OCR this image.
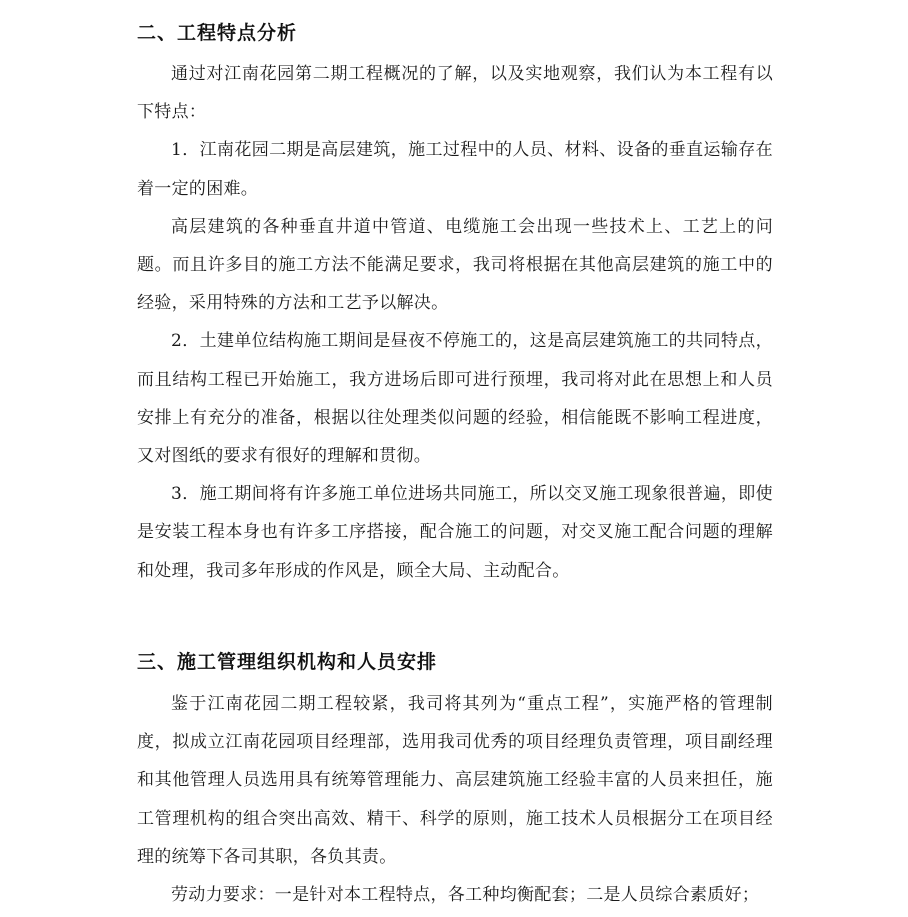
二、工程特点分析

通过对江南花园第二期工程概况的了解，以及实地观察，我们认为本工程有以下特点：

1．江南花园二期是高层建筑，施工过程中的人员、材料、设备的垂直运输存在着一定的困难。

高层建筑的各种垂直井道中管道、电缆施工会出现一些技术上、工艺上的问题。而且许多目的施工方法不能满足要求，我司将根据在其他高层建筑的施工中的经验，采用特殊的方法和工艺予以解决。

2．土建单位结构施工期间是昼夜不停施工的，这是高层建筑施工的共同特点，而且结构工程已开始施工，我方进场后即可进行预埋，我司将对此在思想上和人员安排上有充分的准备，根据以往处理类似问题的经验，相信能既不影响工程进度，又对图纸的要求有很好的理解和贯彻。

3．施工期间将有许多施工单位进场共同施工，所以交叉施工现象很普遍，即使是安装工程本身也有许多工序搭接，配合施工的问题，对交叉施工配合问题的理解和处理，我司多年形成的作风是，顾全大局、主动配合。

三、施工管理组织机构和人员安排

鉴于江南花园二期工程较紧，我司将其列为“重点工程”，实施严格的管理制度，拟成立江南花园项目经理部，选用我司优秀的项目经理负责管理，项目副经理和其他管理人员选用具有统筹管理能力、高层建筑施工经验丰富的人员来担任，施工管理机构的组合突出高效、精干、科学的原则，施工技术人员根据分工在项目经理的统筹下各司其职，各负其责。

劳动力要求：一是针对本工程特点，各工种均衡配套；二是人员综合素质好；
